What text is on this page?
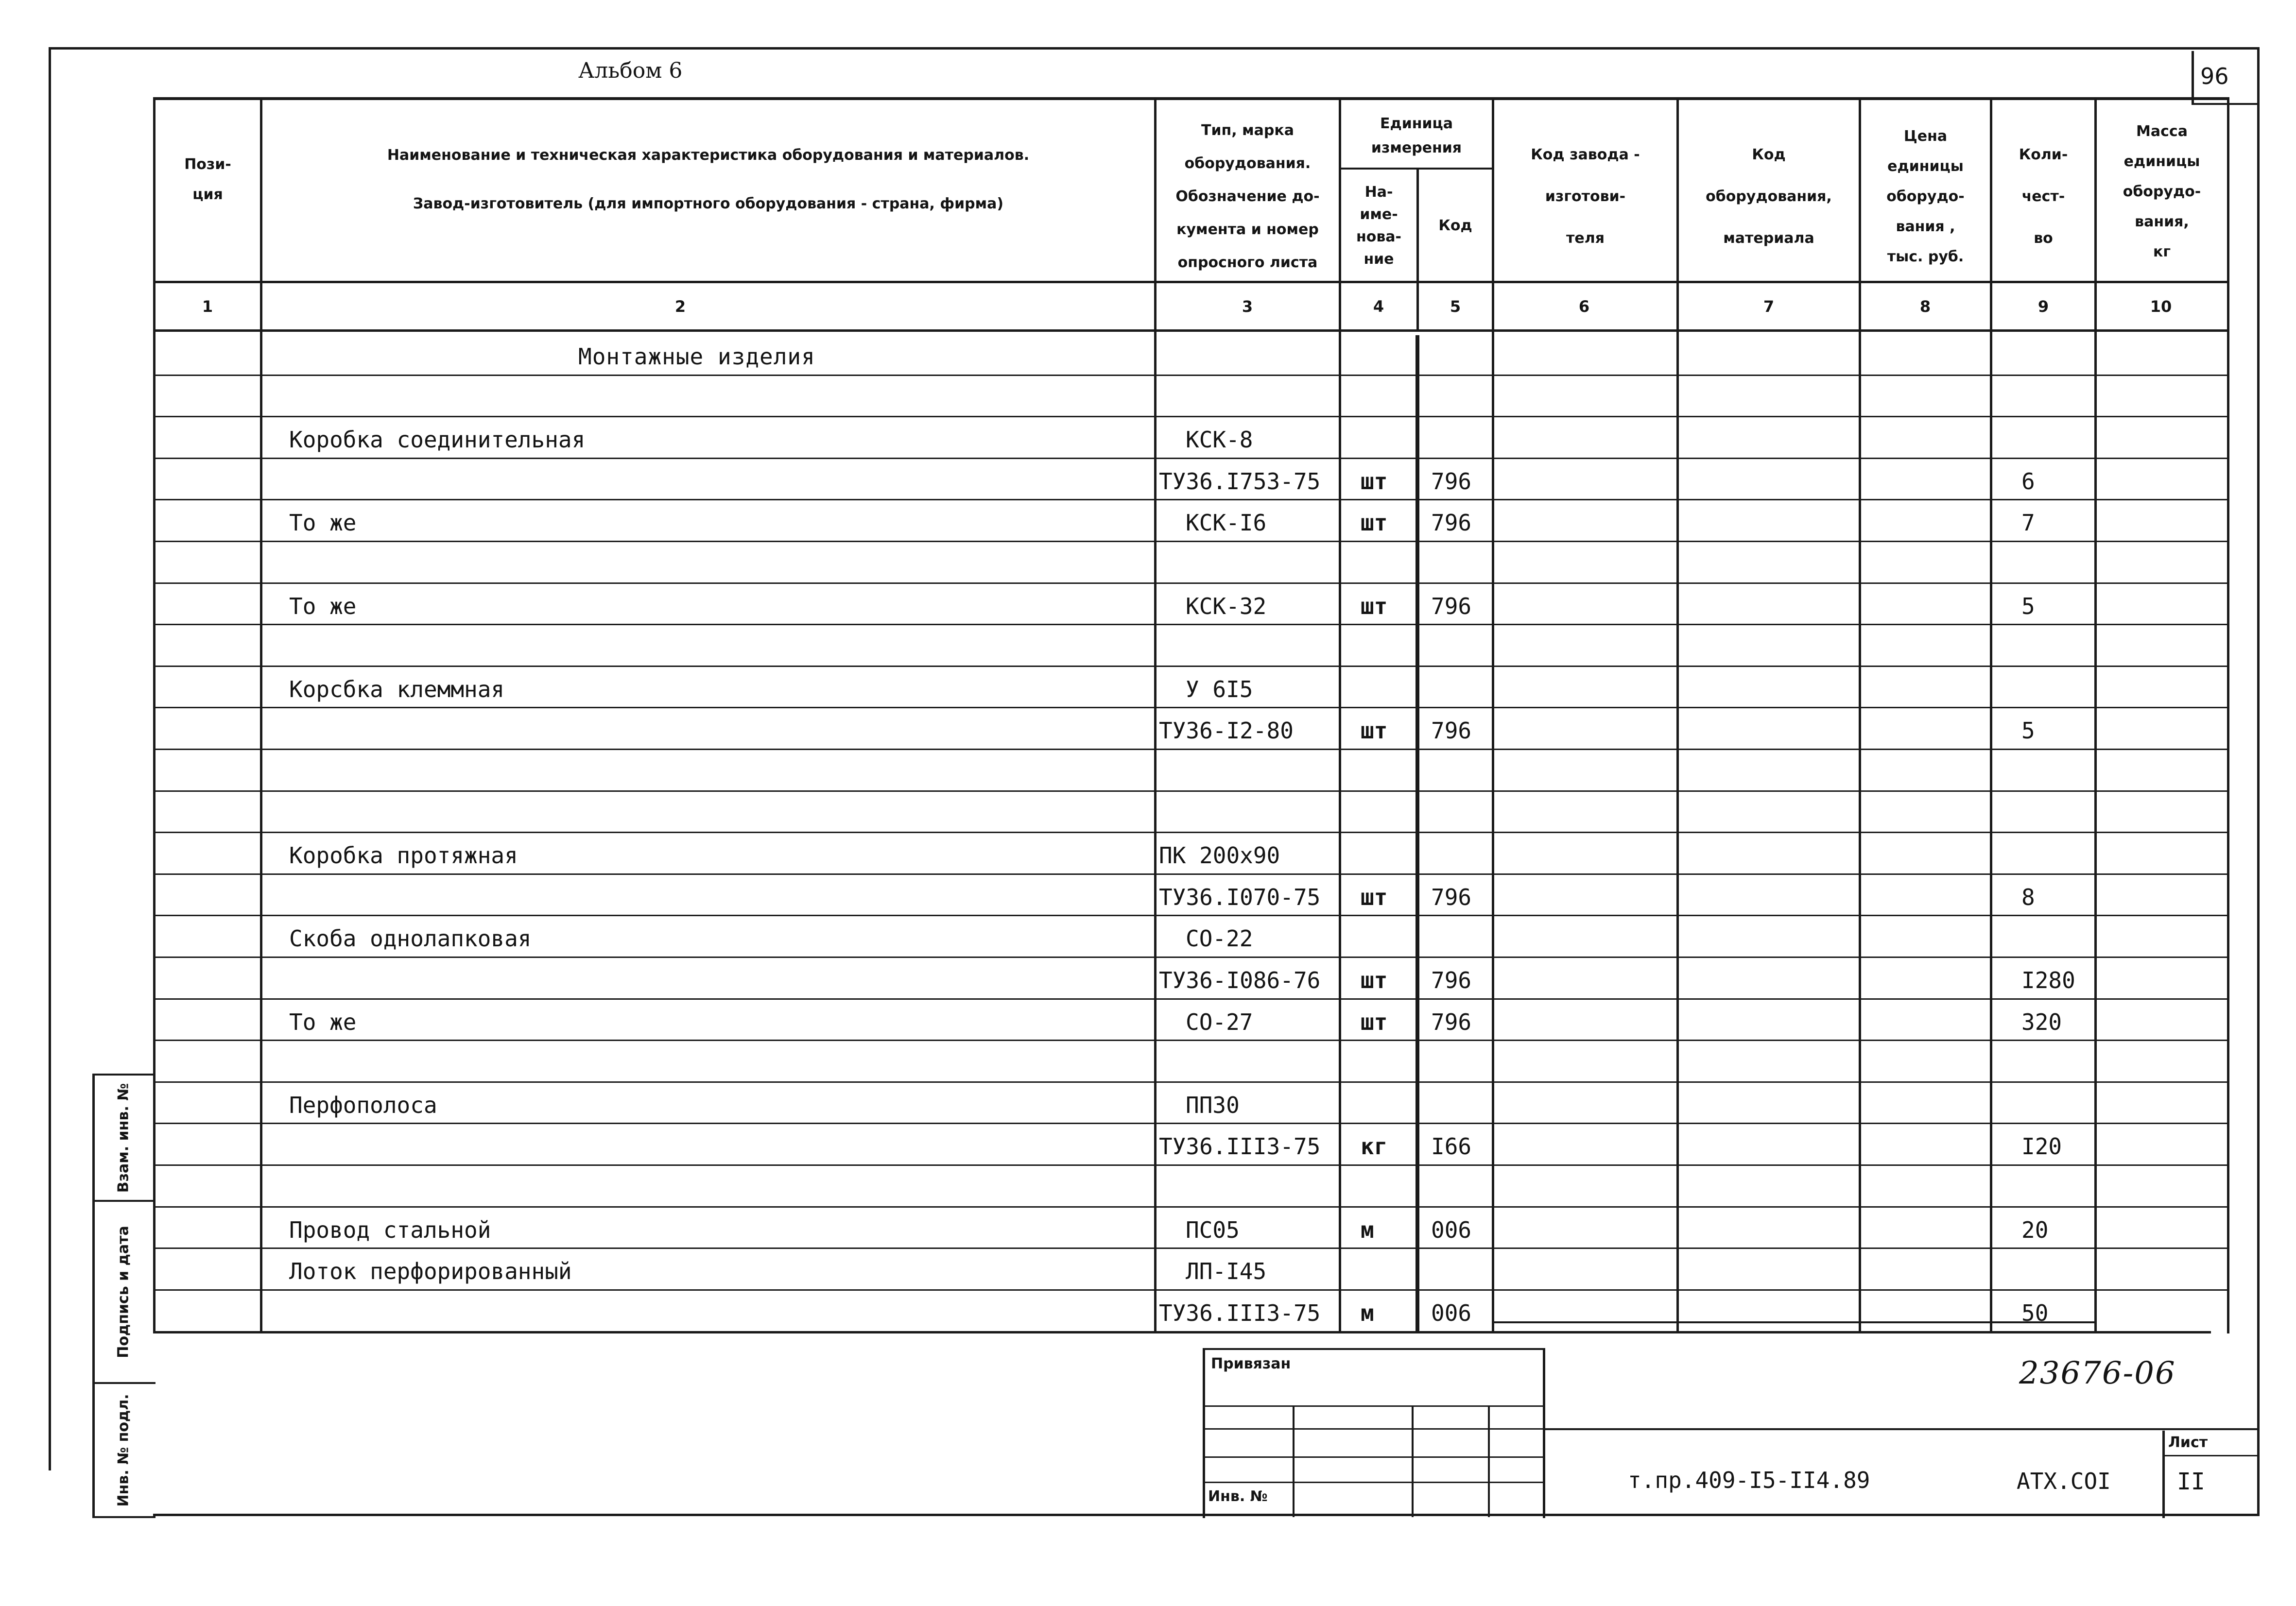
Альбом 6	96
Пози-
ция
Наименование и техническая характеристика оборудования и материалов.
Завод-изготовитель (для импортного оборудования - страна, фирма)
Тип, марка
оборудования.
Обозначение до-
кумента и номер
опросного листа
Единица
измерения
На-
име-
нова-
ние
Код
Код завода -
изготови-
теля
Код
оборудования,
материала
Цена
единицы
оборудо-
вания ,
тыс. руб.
Коли-
чест-
во
Масса
единицы
оборудо-
вания,
кг
1	2	3	4	5	6	7	8	9	10
Монтажные изделия
Коробка соединительная	КСК-8
ТУ36.I753-75 шт 796	6
То же	КСК-I6	шт 796	7
То же	КСК-32	шт 796	5
Корсбка клеммная	У 6I5
ТУ36-I2-80	шт 796	5
Коробка протяжная	ПК 200х90
ТУ36.I070-75 шт 796	8
Скоба однолапковая	СО-22
ТУ36-I086-76 шт 796	I280
То же	СО-27	шт 796	320
Перфополоса	ПП30
ТУ36.III3-75 кг I66	I20
Провод стальной	ПС05	м	006	20
Лоток перфорированный	ЛП-I45
ТУ36.III3-75 м	006	50
Взам. инв. №
Подпись и дата
Инв. № подл.
Привязан
Инв. №
23676-06
т.пр.409-I5-II4.89	АТХ.СОI
Лист
II
